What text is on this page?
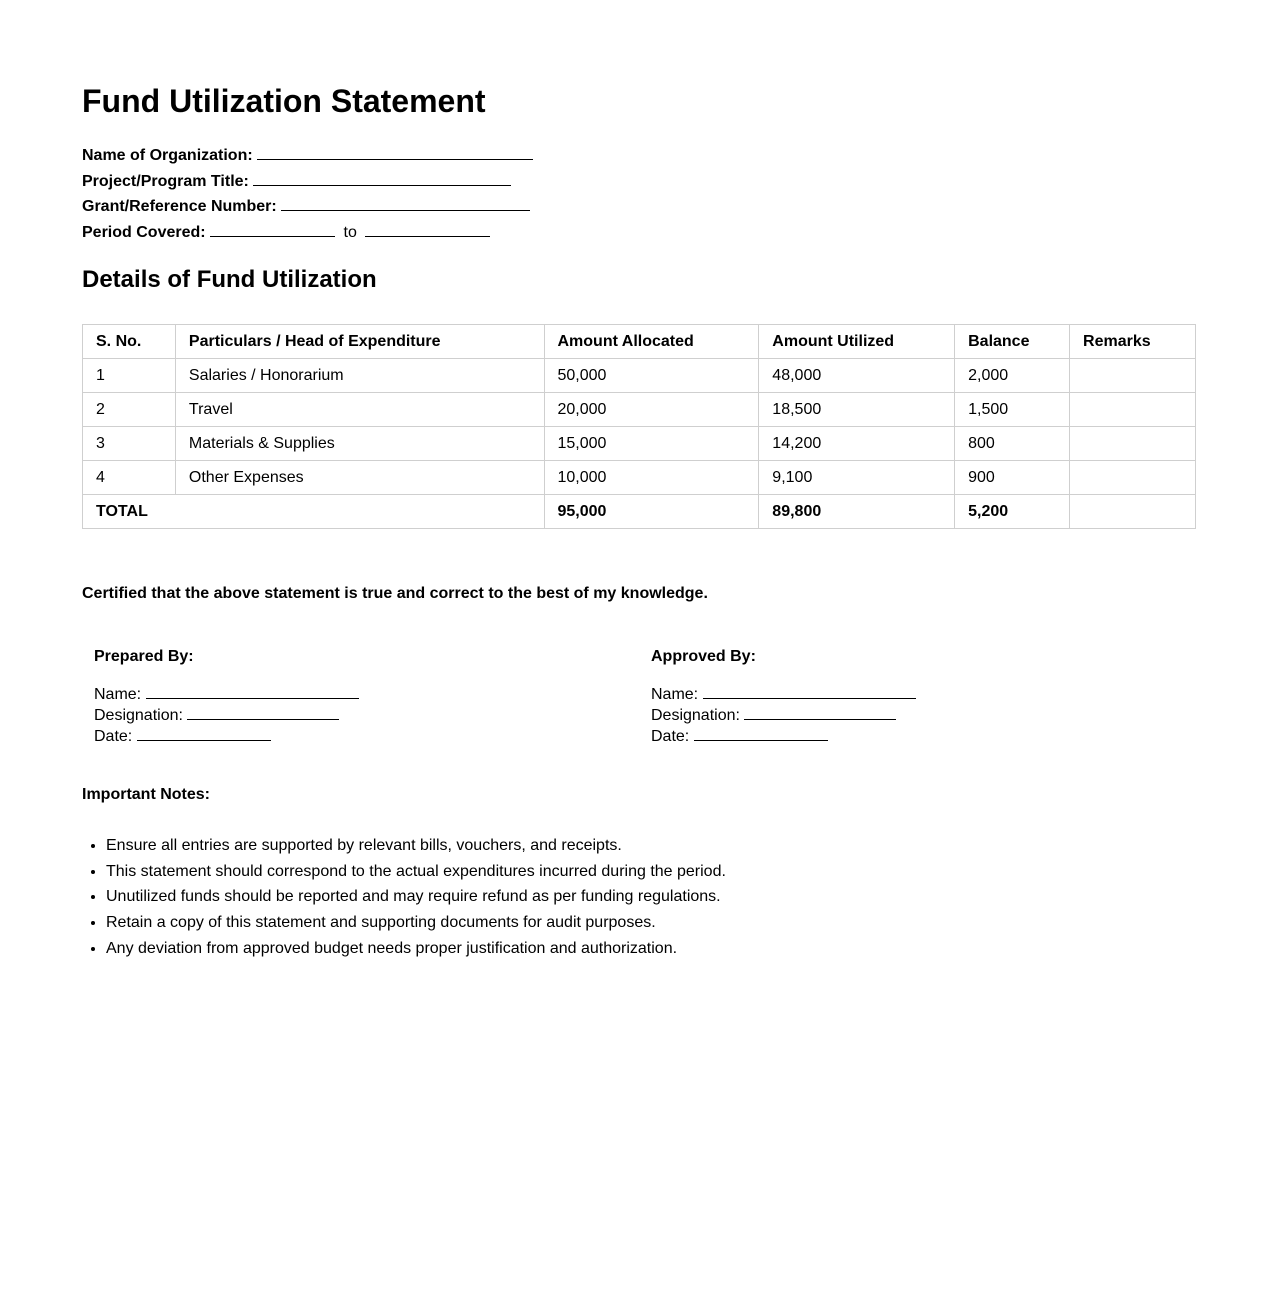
Fund Utilization Statement
Name of Organization:
Project/Program Title:
Grant/Reference Number:
Period Covered:	to
Details of Fund Utilization
S. No.	Particulars / Head of Expenditure	Amount Allocated	Amount Utilized	Balance	Remarks
1	Salaries / Honorarium	50,000	48,000	2,000	
2	Travel	20,000	18,500	1,500	
3	Materials & Supplies	15,000	14,200	800	
4	Other Expenses	10,000	9,100	900	
TOTAL		95,000	89,800	5,200	

Certified that the above statement is true and correct to the best of my knowledge.

Prepared By:
Name:
Designation:
Date:
Approved By:
Name:
Designation:
Date:

Important Notes:

• Ensure all entries are supported by relevant bills, vouchers, and receipts.
• This statement should correspond to the actual expenditures incurred during the period.
• Unutilized funds should be reported and may require refund as per funding regulations.
• Retain a copy of this statement and supporting documents for audit purposes.
• Any deviation from approved budget needs proper justification and authorization.
